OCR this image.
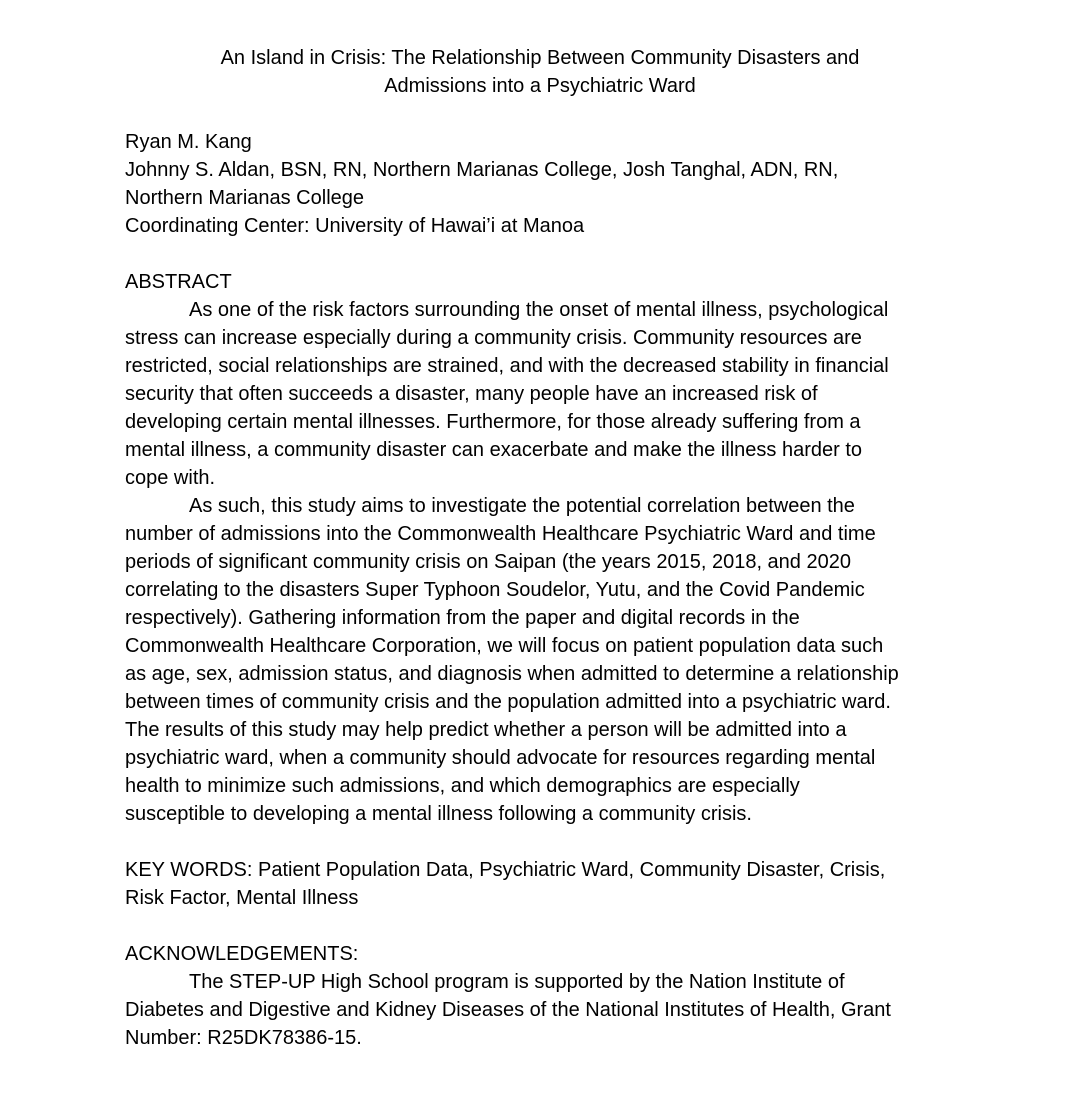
An Island in Crisis: The Relationship Between Community Disasters and
Admissions into a Psychiatric Ward

Ryan M. Kang

Johnny S. Aldan, BSN, RN, Northern Marianas College, Josh Tanghal, ADN, RN,

Northern Marianas College

Coordinating Center: University of Hawai’i at Manoa

ABSTRACT

As one of the risk factors surrounding the onset of mental illness, psychological
stress can increase especially during a community crisis. Community resources are
restricted, social relationships are strained, and with the decreased stability in financial
security that often succeeds a disaster, many people have an increased risk of
developing certain mental illnesses. Furthermore, for those already suffering from a
mental illness, a community disaster can exacerbate and make the illness harder to
cope with.
As such, this study aims to investigate the potential correlation between the
number of admissions into the Commonwealth Healthcare Psychiatric Ward and time
periods of significant community crisis on Saipan (the years 2015, 2018, and 2020
correlating to the disasters Super Typhoon Soudelor, Yutu, and the Covid Pandemic
respectively). Gathering information from the paper and digital records in the
Commonwealth Healthcare Corporation, we will focus on patient population data such
as age, sex, admission status, and diagnosis when admitted to determine a relationship
between times of community crisis and the population admitted into a psychiatric ward.
The results of this study may help predict whether a person will be admitted into a
psychiatric ward, when a community should advocate for resources regarding mental
health to minimize such admissions, and which demographics are especially
susceptible to developing a mental illness following a community crisis.
KEY WORDS: Patient Population Data, Psychiatric Ward, Community Disaster, Crisis,
Risk Factor, Mental Illness

ACKNOWLEDGEMENTS:

The STEP-UP High School program is supported by the Nation Institute of
Diabetes and Digestive and Kidney Diseases of the National Institutes of Health, Grant
Number: R25DK78386-15.
